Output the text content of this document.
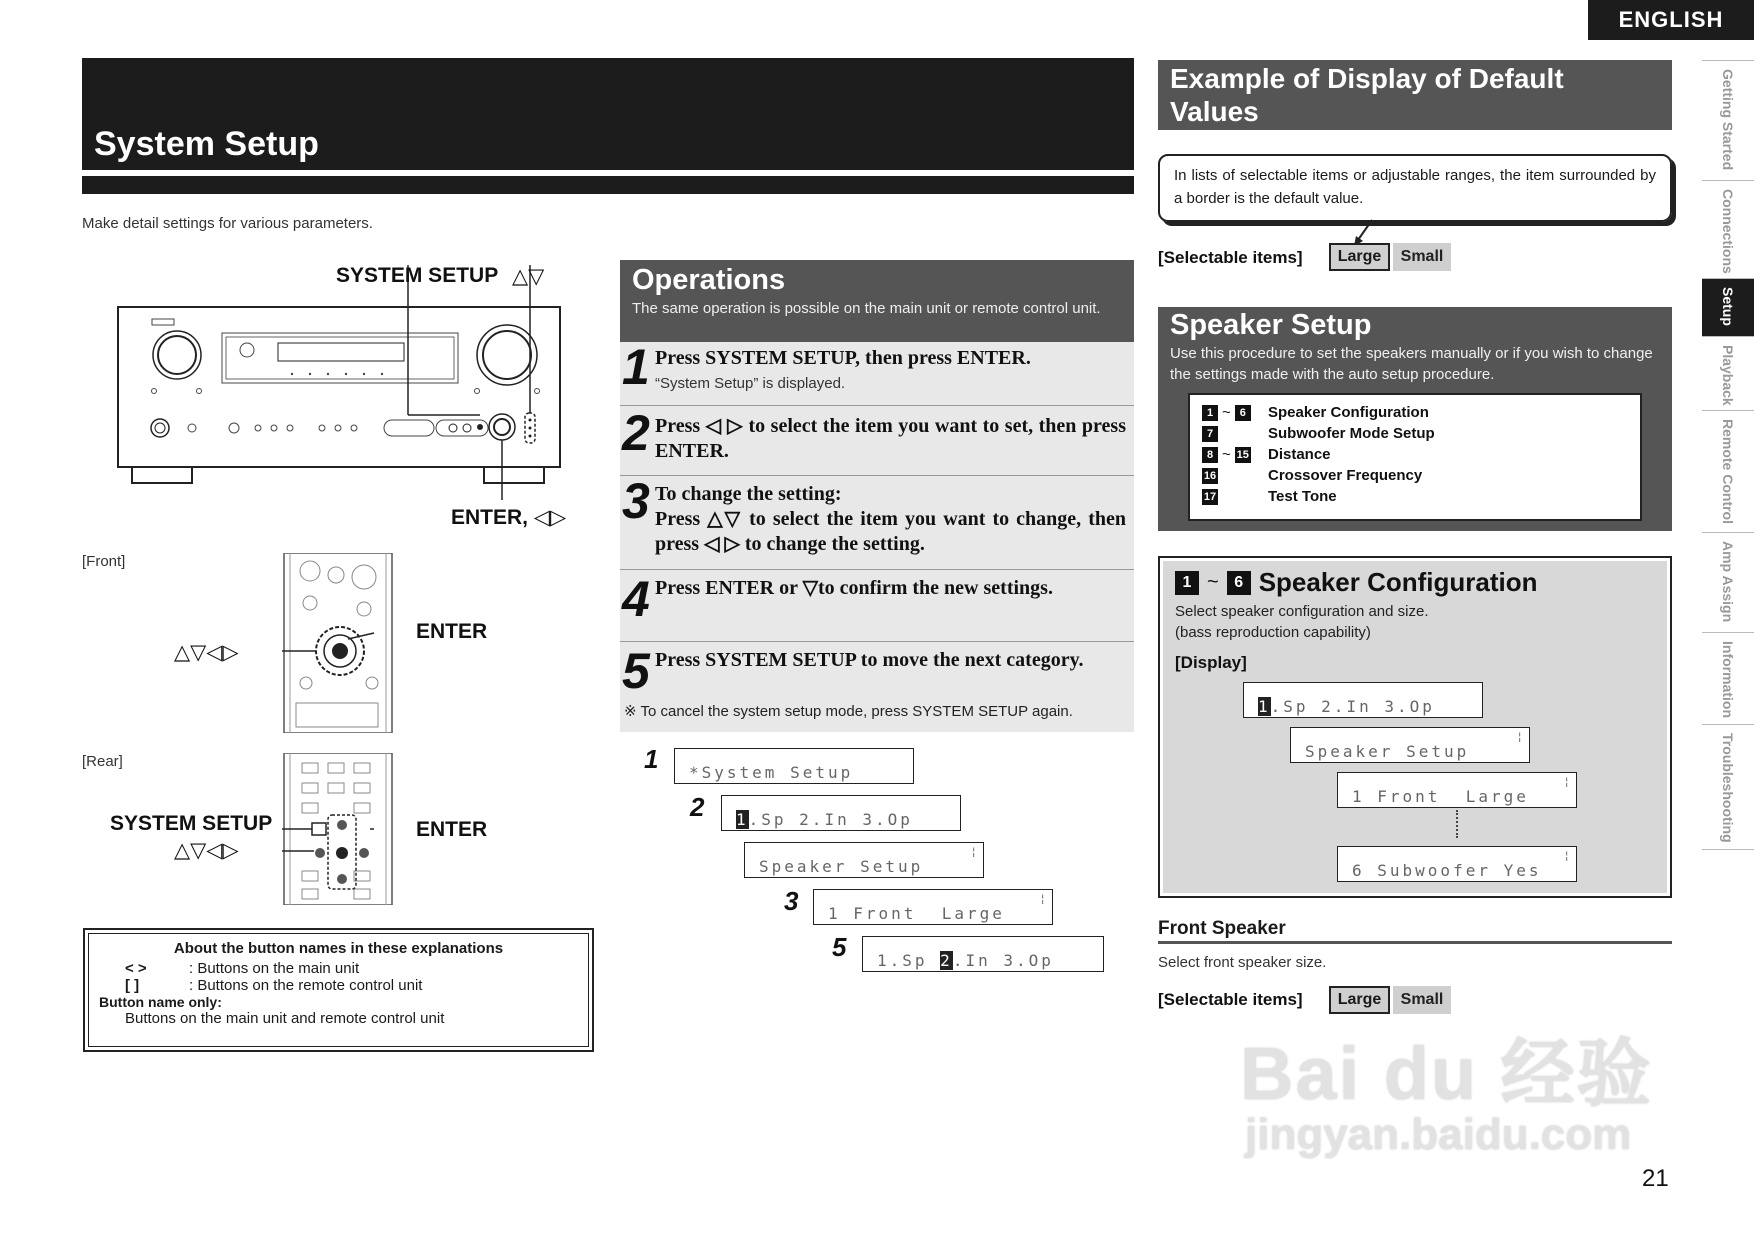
ENGLISH
System Setup
Make detail settings for various parameters.
Getting Started
Connections
Setup
Playback
Remote Control
Amp Assign
Information
Troubleshooting
SYSTEM SETUP △▽
ENTER, ◁▷
[Front]
△▽◁▷
ENTER
[Rear]
SYSTEM SETUP
△▽◁▷
ENTER
About the button names in these explanations
< >	: Buttons on the main unit
[ ]	: Buttons on the remote control unit
Button name only:
Buttons on the main unit and remote control unit
Operations

The same operation is possible on the main unit or remote control unit.

1 Press SYSTEM SETUP, then press ENTER.
“System Setup” is displayed.
2 Press ◁ ▷ to select the item you want to set, then press ENTER.
3 To change the setting:
Press △▽ to select the item you want to change, then press ◁ ▷ to change the setting.
4 Press ENTER or ▽to confirm the new settings.
5 Press SYSTEM SETUP to move the next category.
※ To cancel the system setup mode, press SYSTEM SETUP again.
1	*System Setup
2	1.Sp 2.In 3.Op
Speaker Setup
¦
3	1 Front  Large
¦
5	1.Sp 2.In 3.Op
Example of Display of Default Values
In lists of selectable items or adjustable ranges, the item surrounded by a border is the default value.
[Selectable items]	Large	Small
Speaker Setup

Use this procedure to set the speakers manually or if you wish to change the settings made with the auto setup procedure.

1 ~ 6	Speaker Configuration
7	Subwoofer Mode Setup
8 ~ 15 Distance
16	Crossover Frequency
17	Test Tone
1 ~ 6 Speaker Configuration
Select speaker configuration and size.
(bass reproduction capability)
[Display]
1.Sp 2.In 3.Op
Speaker Setup
¦
1 Front  Large
¦
6 Subwoofer Yes
¦
Front Speaker
Select front speaker size.
[Selectable items]	Large	Small
Bai du 经验
jingyan.baidu.com
21
